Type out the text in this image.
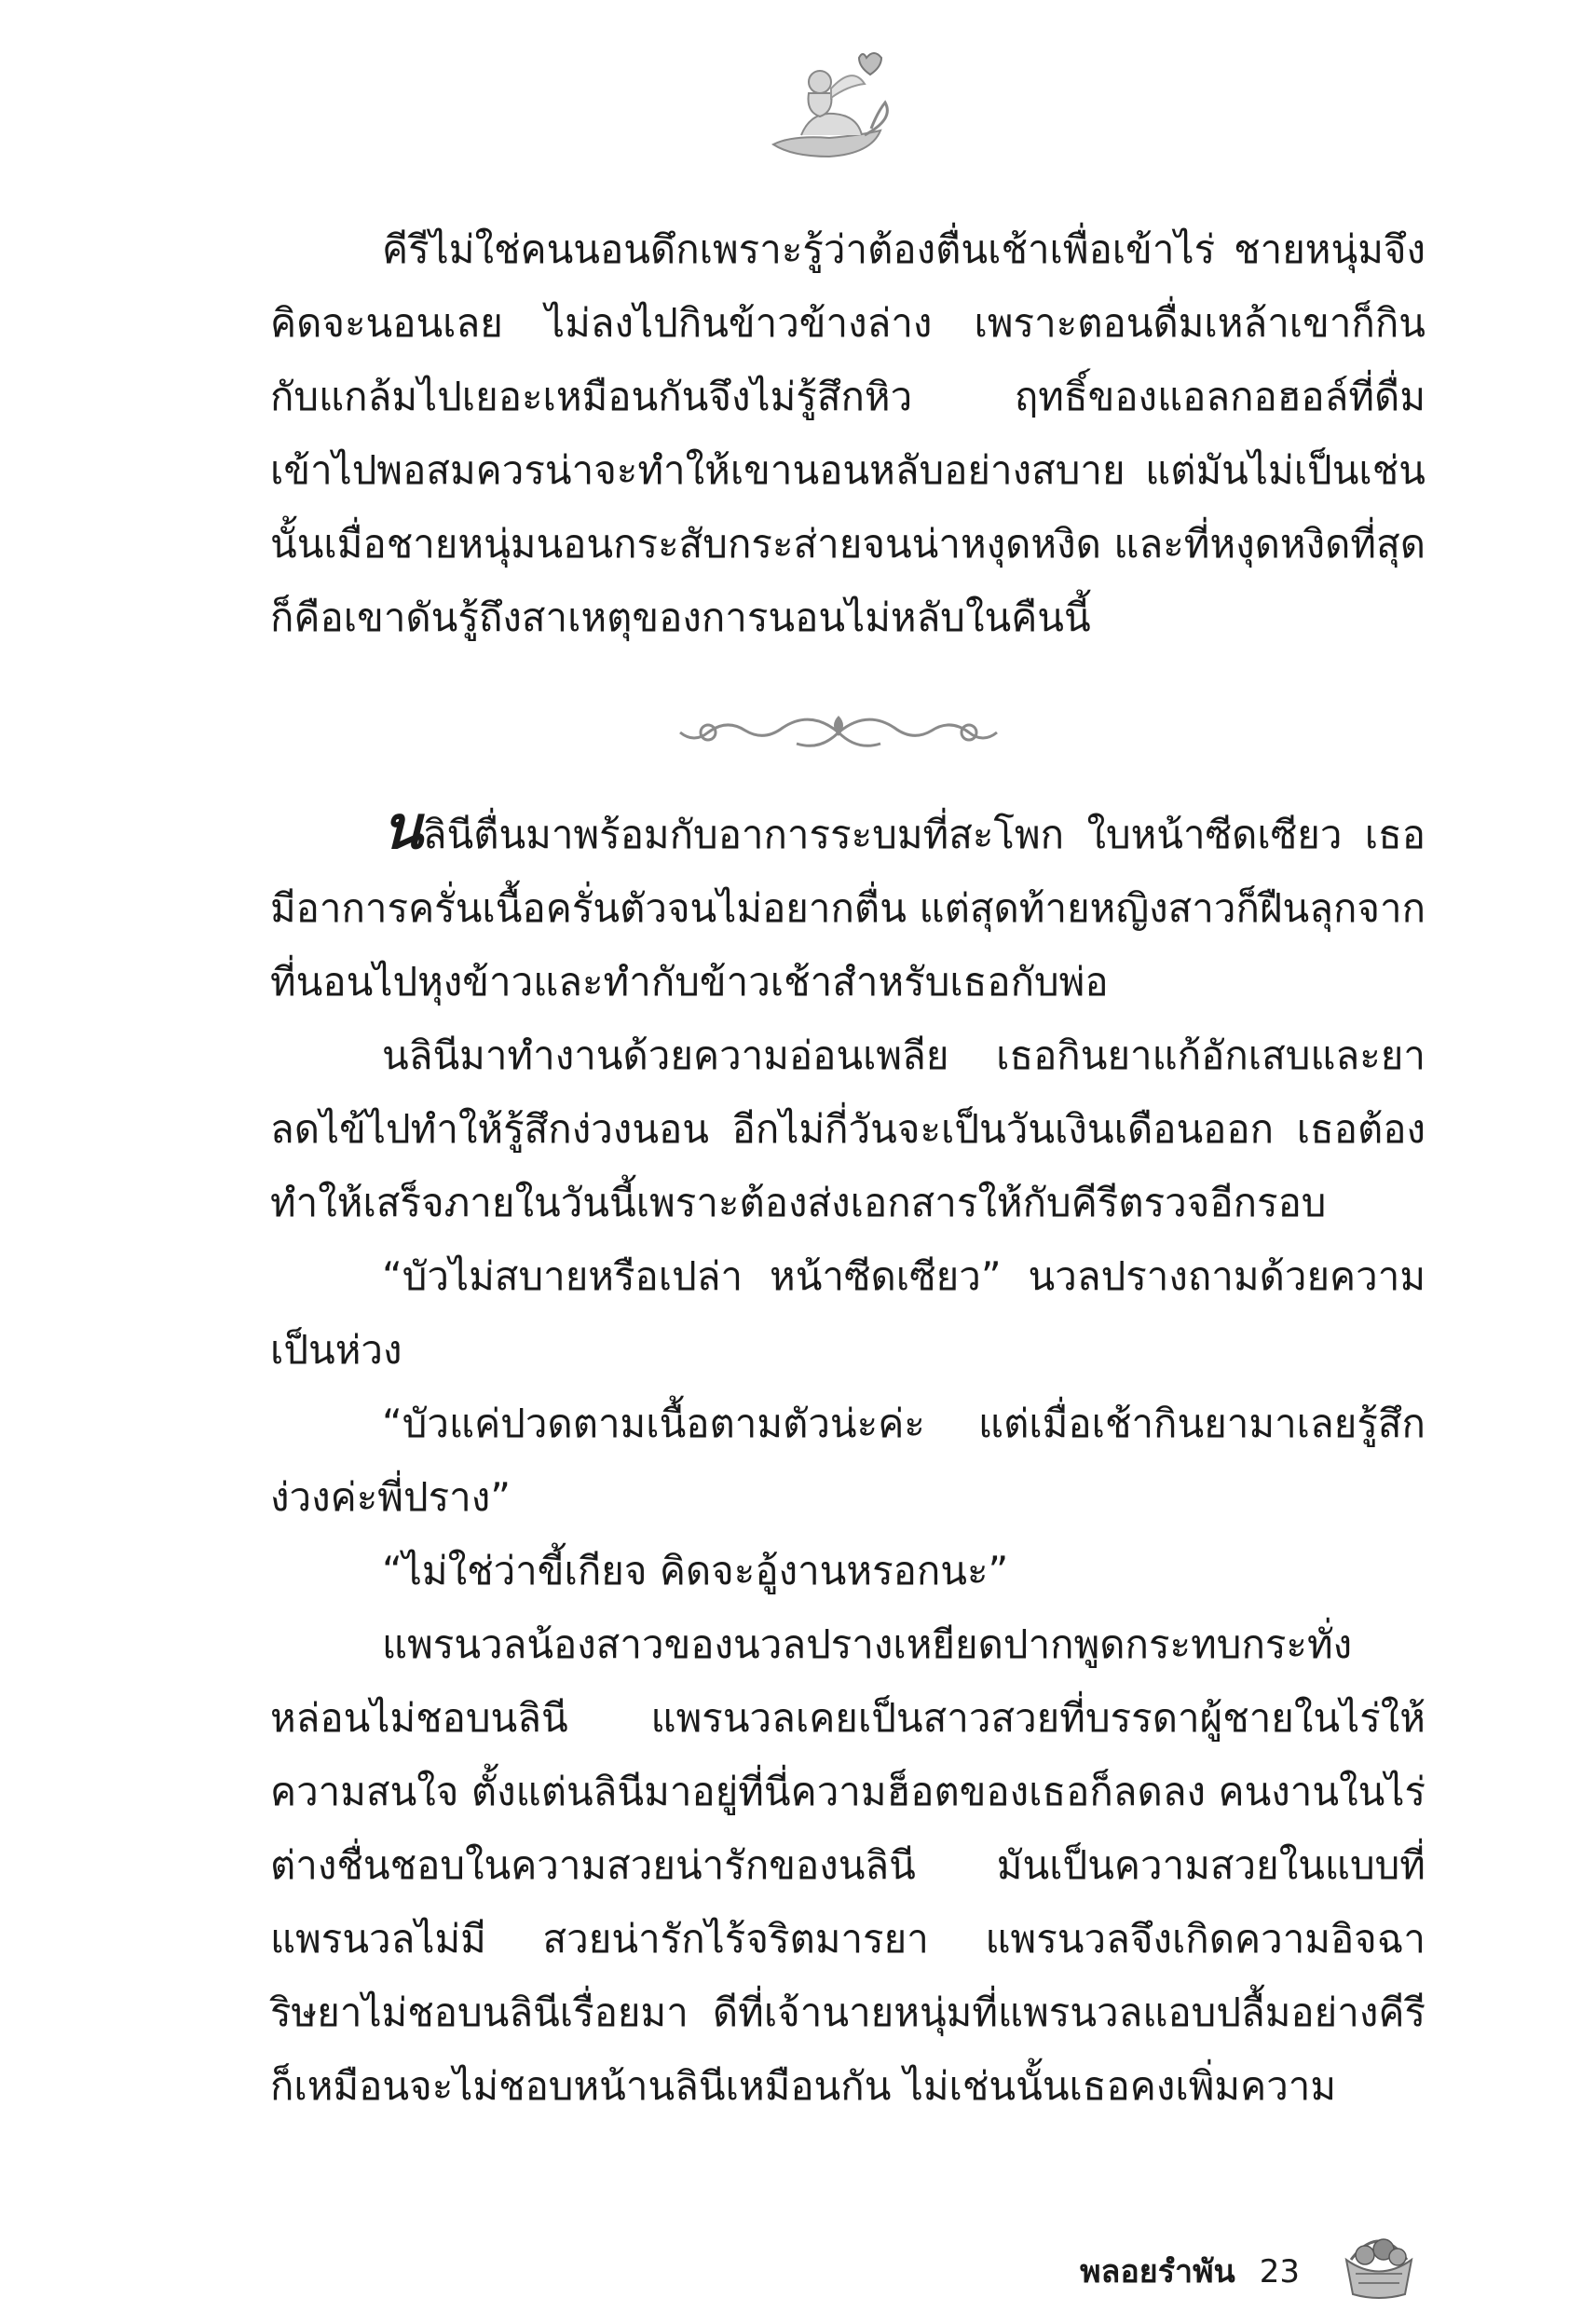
คีรีไม่ใช่คนนอนดึกเพราะรู้ว่าต้องตื่นเช้าเพื่อเข้าไร่ ชายหนุ่มจึงคิดจะนอนเลย ไม่ลงไปกินข้าวข้างล่าง เพราะตอนดื่มเหล้าเขาก็กินกับแกล้มไปเยอะเหมือนกันจึงไม่รู้สึกหิว ฤทธิ์ของแอลกอฮอล์ที่ดื่มเข้าไปพอสมควรน่าจะทำให้เขานอนหลับอย่างสบาย แต่มันไม่เป็นเช่นนั้นเมื่อชายหนุ่มนอนกระสับกระส่ายจนน่าหงุดหงิด และที่หงุดหงิดที่สุดก็คือเขาดันรู้ถึงสาเหตุของการนอนไม่หลับในคืนนี้

นลินีตื่นมาพร้อมกับอาการระบมที่สะโพก ใบหน้าซีดเซียว เธอมีอาการครั่นเนื้อครั่นตัวจนไม่อยากตื่น แต่สุดท้ายหญิงสาวก็ฝืนลุกจากที่นอนไปหุงข้าวและทำกับข้าวเช้าสำหรับเธอกับพ่อ

นลินีมาทำงานด้วยความอ่อนเพลีย เธอกินยาแก้อักเสบและยาลดไข้ไปทำให้รู้สึกง่วงนอน อีกไม่กี่วันจะเป็นวันเงินเดือนออก เธอต้องทำให้เสร็จภายในวันนี้เพราะต้องส่งเอกสารให้กับคีรีตรวจอีกรอบ

“บัวไม่สบายหรือเปล่า หน้าซีดเซียว” นวลปรางถามด้วยความเป็นห่วง

“บัวแค่ปวดตามเนื้อตามตัวน่ะค่ะ แต่เมื่อเช้ากินยามาเลยรู้สึกง่วงค่ะพี่ปราง”

“ไม่ใช่ว่าขี้เกียจ คิดจะอู้งานหรอกนะ”

แพรนวลน้องสาวของนวลปรางเหยียดปากพูดกระทบกระทั่ง หล่อนไม่ชอบนลินี แพรนวลเคยเป็นสาวสวยที่บรรดาผู้ชายในไร่ให้ความสนใจ ตั้งแต่นลินีมาอยู่ที่นี่ความฮ็อตของเธอก็ลดลง คนงานในไร่ต่างชื่นชอบในความสวยน่ารักของนลินี มันเป็นความสวยในแบบที่แพรนวลไม่มี สวยน่ารักไร้จริตมารยา แพรนวลจึงเกิดความอิจฉาริษยาไม่ชอบนลินีเรื่อยมา ดีที่เจ้านายหนุ่มที่แพรนวลแอบปลื้มอย่างคีรีก็เหมือนจะไม่ชอบหน้านลินีเหมือนกัน ไม่เช่นนั้นเธอคงเพิ่มความ

พลอยรำพัน 23
